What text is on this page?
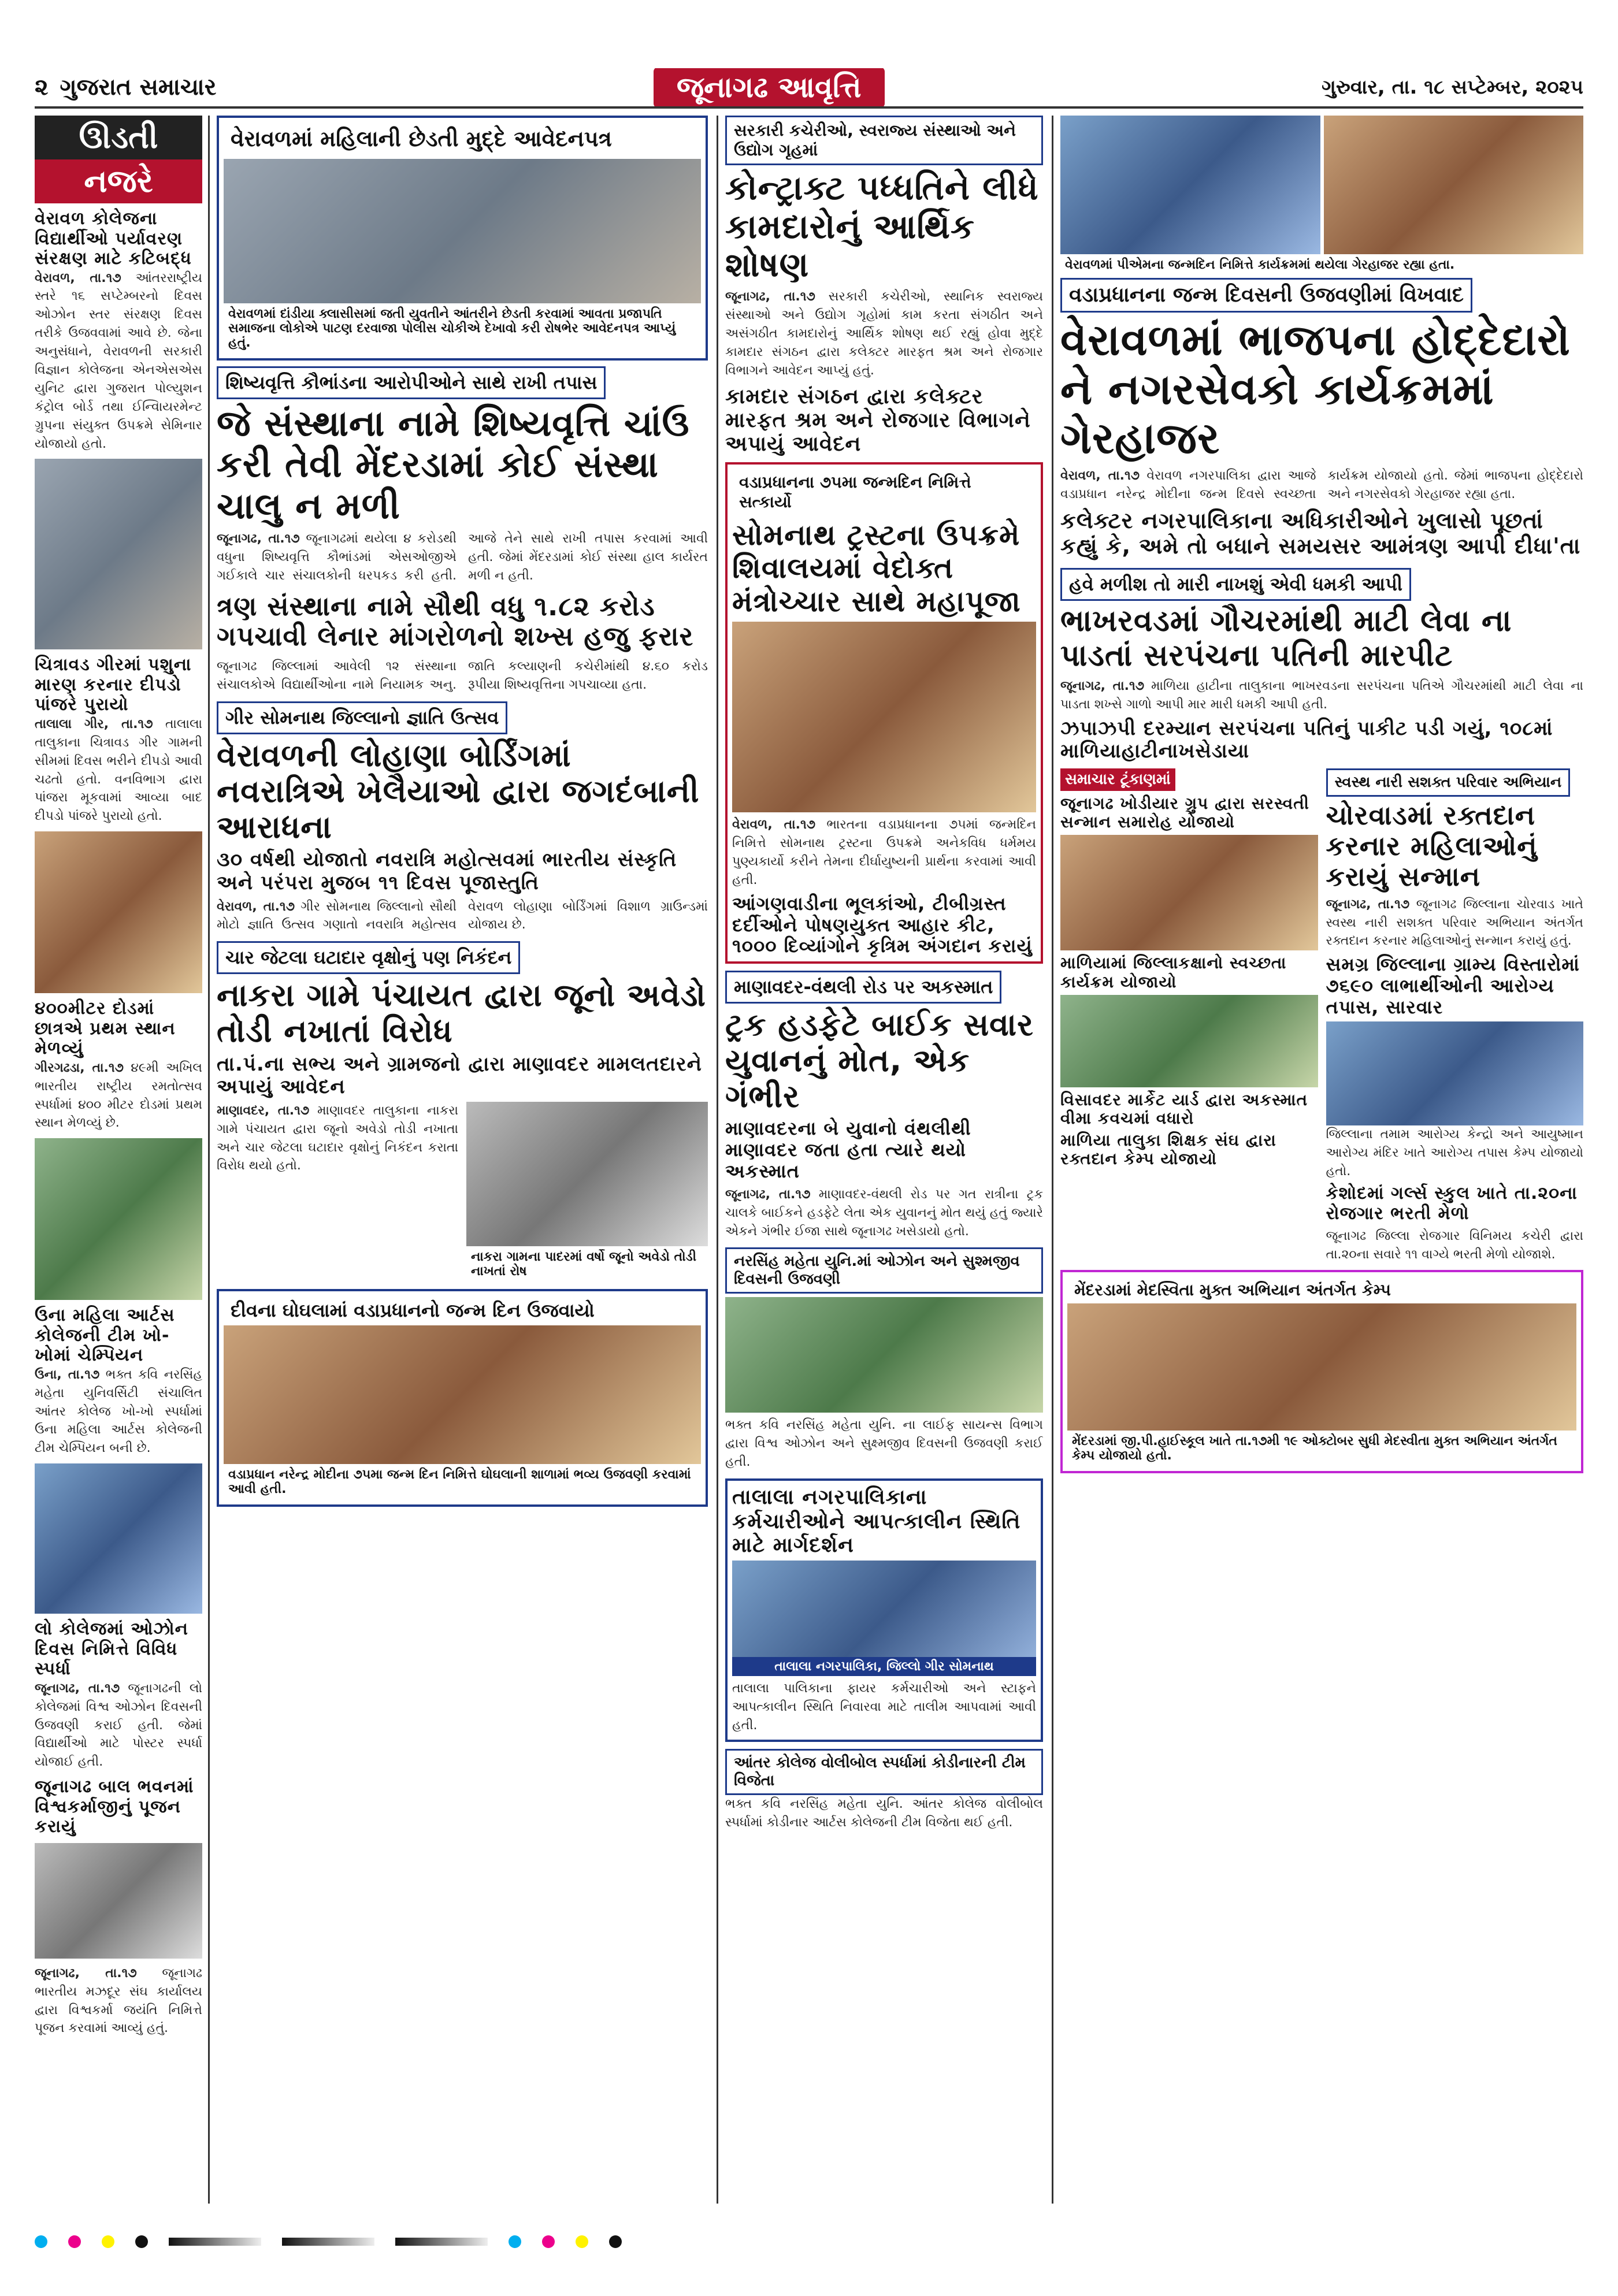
૨ ગુજરાત સમાચાર	જૂનાગઢ આવૃત્તિ	ગુરુવાર, તા. ૧૮ સપ્ટેમ્બર, ૨૦૨૫
ઊડતી
નજરે
વેરાવળ કોલેજના વિદ્યાર્થીઓ પર્યાવરણ સંરક્ષણ માટે કટિબદ્ધ
વેરાવળ, તા.૧૭ આંતરરાષ્ટ્રીય સ્તરે ૧૬ સપ્ટેમ્બરનો દિવસ ઓઝોન સ્તર સંરક્ષણ દિવસ તરીકે ઉજવવામાં આવે છે. જેના અનુસંધાને, વેરાવળની સરકારી વિજ્ઞાન કોલેજના એનએસએસ યુનિટ દ્વારા ગુજરાત પોલ્યુશન કંટ્રોલ બોર્ડ તથા ઈન્વિાયરમેન્ટ ગ્રુપના સંયુક્ત ઉપક્રમે સેમિનાર યોજાયો હતો.
ચિત્રાવડ ગીરમાં પશુના મારણ કરનાર દીપડો પાંજરે પુરાયો
તાલાલા ગીર, તા.૧૭ તાલાલા તાલુકાના ચિત્રાવડ ગીર ગામની સીમમાં દિવસ ભરીને દીપડો આવી ચઢતો હતો. વનવિભાગ દ્વારા પાંજરા મૂકવામાં આવ્યા બાદ દીપડો પાંજરે પુરાયો હતો.
૪૦૦મીટર દોડમાં છાત્રએ પ્રથમ સ્થાન મેળવ્યું
ગીરગઢડા, તા.૧૭ ૪૯મી અખિલ ભારતીય રાષ્ટ્રીય રમતોત્સવ સ્પર્ધામાં ૪૦૦ મીટર દોડમાં પ્રથમ સ્થાન મેળવ્યું છે.
ઉના મહિલા આર્ટસ કોલેજની ટીમ ખો-ખોમાં ચેમ્પિયન
ઉના, તા.૧૭ ભક્ત કવિ નરસિંહ મહેતા યુનિવર્સિટી સંચાલિત આંતર કોલેજ ખો-ખો સ્પર્ધામાં ઉના મહિલા આર્ટસ કોલેજની ટીમ ચેમ્પિયન બની છે.
લો કોલેજમાં ઓઝોન દિવસ નિમિત્તે વિવિધ સ્પર્ધા
જૂનાગઢ, તા.૧૭ જૂનાગઢની લો કોલેજમાં વિશ્વ ઓઝોન દિવસની ઉજવણી કરાઈ હતી. જેમાં વિદ્યાર્થીઓ માટે પોસ્ટર સ્પર્ધા યોજાઈ હતી.
જૂનાગઢ બાલ ભવનમાં વિશ્વકર્માજીનું પૂજન કરાયું
જૂનાગઢ, તા.૧૭ જૂનાગઢ ભારતીય મઝદૂર સંઘ કાર્યાલય દ્વારા વિશ્વકર્મા જયંતિ નિમિત્તે પૂજન કરવામાં આવ્યું હતું.
વેરાવળમાં મહિલાની છેડતી મુદ્દે આવેદનપત્ર
વેરાવળમાં દાંડીયા ક્લાસીસમાં જતી યુવતીને આંતરીને છેડતી કરવામાં આવતા પ્રજાપતિ સમાજના લોકોએ પાટણ દરવાજા પોલીસ ચોકીએ દેખાવો કરી રોષભેર આવેદનપત્ર આપ્યું હતું.
શિષ્યવૃત્તિ કૌભાંડના આરોપીઓને સાથે રાખી તપાસ
જે સંસ્થાના નામે શિષ્યવૃત્તિ ચાંઉ કરી તેવી મેંદરડામાં કોઈ સંસ્થા ચાલુ ન મળી
જૂનાગઢ, તા.૧૭ જૂનાગઢમાં થયેલા ૪ કરોડથી વધુના શિષ્યવૃત્તિ કૌભાંડમાં એસઓજીએ ગઈકાલે ચાર સંચાલકોની ધરપકડ કરી હતી. આજે તેને સાથે રાખી તપાસ કરવામાં આવી હતી. જેમાં મેંદરડામાં કોઈ સંસ્થા હાલ કાર્યરત મળી ન હતી.
ત્રણ સંસ્થાના નામે સૌથી વધુ ૧.૮૨ કરોડ ગપચાવી લેનાર માંગરોળનો શખ્સ હજુ ફરાર
જૂનાગઢ જિલ્લામાં આવેલી ૧૨ સંસ્થાના સંચાલકોએ વિદ્યાર્થીઓના નામે નિયામક અનુ. જાતિ કલ્યાણની કચેરીમાંથી ૪.૬૦ કરોડ રૂપીયા શિષ્યવૃત્તિના ગપચાવ્યા હતા.
ગીર સોમનાથ જિલ્લાનો જ્ઞાતિ ઉત્સવ
વેરાવળની લોહાણા બોર્ડિંગમાં નવરાત્રિએ ખેલૈયાઓ દ્વારા જગદંબાની આરાધના
૩૦ વર્ષથી યોજાતો નવરાત્રિ મહોત્સવમાં ભારતીય સંસ્કૃતિ અને પરંપરા મુજબ ૧૧ દિવસ પૂજાસ્તુતિ
વેરાવળ, તા.૧૭ ગીર સોમનાથ જિલ્લાનો સૌથી મોટો જ્ઞાતિ ઉત્સવ ગણાતો નવરાત્રિ મહોત્સવ વેરાવળ લોહાણા બોર્ડિંગમાં વિશાળ ગ્રાઉન્ડમાં યોજાય છે.
ચાર જેટલા ઘટાદાર વૃક્ષોનું પણ નિકંદન
નાકરા ગામે પંચાયત દ્વારા જૂનો અવેડો તોડી નખાતાં વિરોધ
તા.પં.ના સભ્ય અને ગ્રામજનો દ્વારા માણાવદર મામલતદારને અપાયું આવેદન
માણાવદર, તા.૧૭ માણાવદર તાલુકાના નાકરા ગામે પંચાયત દ્વારા જૂનો અવેડો તોડી નખાતા અને ચાર જેટલા ઘટાદાર વૃક્ષોનું નિકંદન કરાતા વિરોધ થયો હતો.
નાકરા ગામના પાદરમાં વર્ષો જૂનો અવેડો તોડી નાખતાં રોષ
દીવના ઘોઘલામાં વડાપ્રધાનનો જન્મ દિન ઉજવાયો
વડાપ્રધાન નરેન્દ્ર મોદીના ૭૫મા જન્મ દિન નિમિત્તે ઘોઘલાની શાળામાં ભવ્ય ઉજવણી કરવામાં આવી હતી.
સરકારી કચેરીઓ, સ્વરાજ્ય સંસ્થાઓ અને ઉદ્યોગ ગૃહમાં
કોન્ટ્રાક્ટ પધ્ધતિને લીધે કામદારોનું આર્થિક શોષણ
જૂનાગઢ, તા.૧૭ સરકારી કચેરીઓ, સ્થાનિક સ્વરાજ્ય સંસ્થાઓ અને ઉદ્યોગ ગૃહોમાં કામ કરતા સંગઠીત અને અસંગઠીત કામદારોનું આર્થિક શોષણ થઈ રહ્યું હોવા મુદ્દે કામદાર સંગઠન દ્વારા કલેક્ટર મારફત શ્રમ અને રોજગાર વિભાગને આવેદન આપ્યું હતું.
કામદાર સંગઠન દ્વારા કલેક્ટર મારફત શ્રમ અને રોજગાર વિભાગને અપાયું આવેદન
વડાપ્રધાનના ૭૫મા જન્મદિન નિમિત્તે સત્કાર્યો
સોમનાથ ટ્રસ્ટના ઉપક્રમે શિવાલયમાં વેદોક્ત મંત્રોચ્ચાર સાથે મહાપૂજા
વેરાવળ, તા.૧૭ ભારતના વડાપ્રધાનના ૭૫માં જન્મદિન નિમિત્તે સોમનાથ ટ્રસ્ટના ઉપક્રમે અનેકવિધ ધર્મમય પુણ્યકાર્યો કરીને તેમના દીર્ઘાયુષ્યની પ્રાર્થના કરવામાં આવી હતી.
આંગણવાડીના ભૂલકાંઓ, ટીબીગ્રસ્ત દર્દીઓને પોષણયુક્ત આહાર કીટ, ૧૦૦૦ દિવ્યાંગોને કૃત્રિમ અંગદાન કરાયું
માણાવદર-વંથલી રોડ પર અકસ્માત
ટ્રક હડફેટે બાઈક સવાર યુવાનનું મોત, એક ગંભીર
માણાવદરના બે યુવાનો વંથલીથી માણાવદર જતા હતા ત્યારે થયો અકસ્માત
જૂનાગઢ, તા.૧૭ માણાવદર-વંથલી રોડ પર ગત રાત્રીના ટ્રક ચાલકે બાઈકને હડફેટે લેતા એક યુવાનનું મોત થયું હતું જ્યારે એકને ગંભીર ઈજા સાથે જૂનાગઢ ખસેડાયો હતો.
નરસિંહ મહેતા યુનિ.માં ઓઝોન અને સુશ્મજીવ દિવસની ઉજવણી
ભક્ત કવિ નરસિંહ મહેતા યુનિ. ના લાઈફ સાયન્સ વિભાગ દ્વારા વિશ્વ ઓઝોન અને સુક્ષ્મજીવ દિવસની ઉજવણી કરાઈ હતી.
તાલાલા નગરપાલિકાના કર્મચારીઓને આપત્કાલીન સ્થિતિ માટે માર્ગદર્શન
તાલાલા નગરપાલિકા, જિલ્લો ગીર સોમનાથ
તાલાલા પાલિકાના ફાયર કર્મચારીઓ અને સ્ટાફને આપત્કાલીન સ્થિતિ નિવારવા માટે તાલીમ આપવામાં આવી હતી.
આંતર કોલેજ વોલીબોલ સ્પર્ધામાં કોડીનારની ટીમ વિજેતા
ભક્ત કવિ નરસિંહ મહેતા યુનિ. આંતર કોલેજ વોલીબોલ સ્પર્ધામાં કોડીનાર આર્ટસ કોલેજની ટીમ વિજેતા થઈ હતી.
વેરાવળમાં પીએમના જન્મદિન નિમિત્તે કાર્યક્રમમાં થયેલા ગેરહાજર રહ્યા હતા.
વડાપ્રધાનના જન્મ દિવસની ઉજવણીમાં વિખવાદ
વેરાવળમાં ભાજપના હોદ્દેદારો ને નગરસેવકો કાર્યક્રમમાં ગેરહાજર
વેરાવળ, તા.૧૭ વેરાવળ નગરપાલિકા દ્વારા આજે વડાપ્રધાન નરેન્દ્ર મોદીના જન્મ દિવસે સ્વચ્છતા કાર્યક્રમ યોજાયો હતો. જેમાં ભાજપના હોદ્દેદારો અને નગરસેવકો ગેરહાજર રહ્યા હતા.
કલેક્ટર નગરપાલિકાના અધિકારીઓને ખુલાસો પૂછતાં કહ્યું કે, અમે તો બધાને સમયસર આમંત્રણ આપી દીધા'તા
હવે મળીશ તો મારી નાખશું એવી ધમકી આપી
ભાખરવડમાં ગૌચરમાંથી માટી લેવા ના પાડતાં સરપંચના પતિની મારપીટ
જૂનાગઢ, તા.૧૭ માળિયા હાટીના તાલુકાના ભાખરવડના સરપંચના પતિએ ગૌચરમાંથી માટી લેવા ના પાડતા શખ્સે ગાળો આપી માર મારી ધમકી આપી હતી.
ઝપાઝપી દરમ્યાન સરપંચના પતિનું પાકીટ પડી ગયું, ૧૦૮માં માળિયાહાટીનાખસેડાયા
સમાચાર ટૂંકાણમાં
જૂનાગઢ ખોડીયાર ગ્રુપ દ્વારા સરસ્વતી સન્માન સમારોહ યોજાયો
માળિયામાં જિલ્લાકક્ષાનો સ્વચ્છતા કાર્યક્રમ યોજાયો
વિસાવદર માર્કેટ યાર્ડ દ્વારા અકસ્માત વીમા કવચમાં વધારો
માળિયા તાલુકા શિક્ષક સંઘ દ્વારા રક્તદાન કેમ્પ યોજાયો
સ્વસ્થ નારી સશક્ત પરિવાર અભિયાન
ચોરવાડમાં રક્તદાન કરનાર મહિલાઓનું કરાયું સન્માન
જૂનાગઢ, તા.૧૭ જૂનાગઢ જિલ્લાના ચોરવાડ ખાતે સ્વસ્થ નારી સશક્ત પરિવાર અભિયાન અંતર્ગત રક્તદાન કરનાર મહિલાઓનું સન્માન કરાયું હતું.
સમગ્ર જિલ્લાના ગ્રામ્ય વિસ્તારોમાં ૭૬૯૦ લાભાર્થીઓની આરોગ્ય તપાસ, સારવાર
જિલ્લાના તમામ આરોગ્ય કેન્દ્રો અને આયુષ્માન આરોગ્ય મંદિર ખાતે આરોગ્ય તપાસ કેમ્પ યોજાયો હતો.
કેશોદમાં ગર્લ્સ સ્કુલ ખાતે તા.૨૦ના રોજગાર ભરતી મેળો
જૂનાગઢ જિલ્લા રોજગાર વિનિમય કચેરી દ્વારા તા.૨૦ના સવારે ૧૧ વાગ્યે ભરતી મેળો યોજાશે.
મેંદરડામાં મેદસ્વિતા મુક્ત અભિયાન અંતર્ગત કેમ્પ
મેંદરડામાં જી.પી.હાઈસ્કૂલ ખાતે તા.૧૭મી ૧૯ ઓક્ટોબર સુધી મેદસ્વીતા મુક્ત અભિયાન અંતર્ગત કેમ્પ યોજાયો હતો.
